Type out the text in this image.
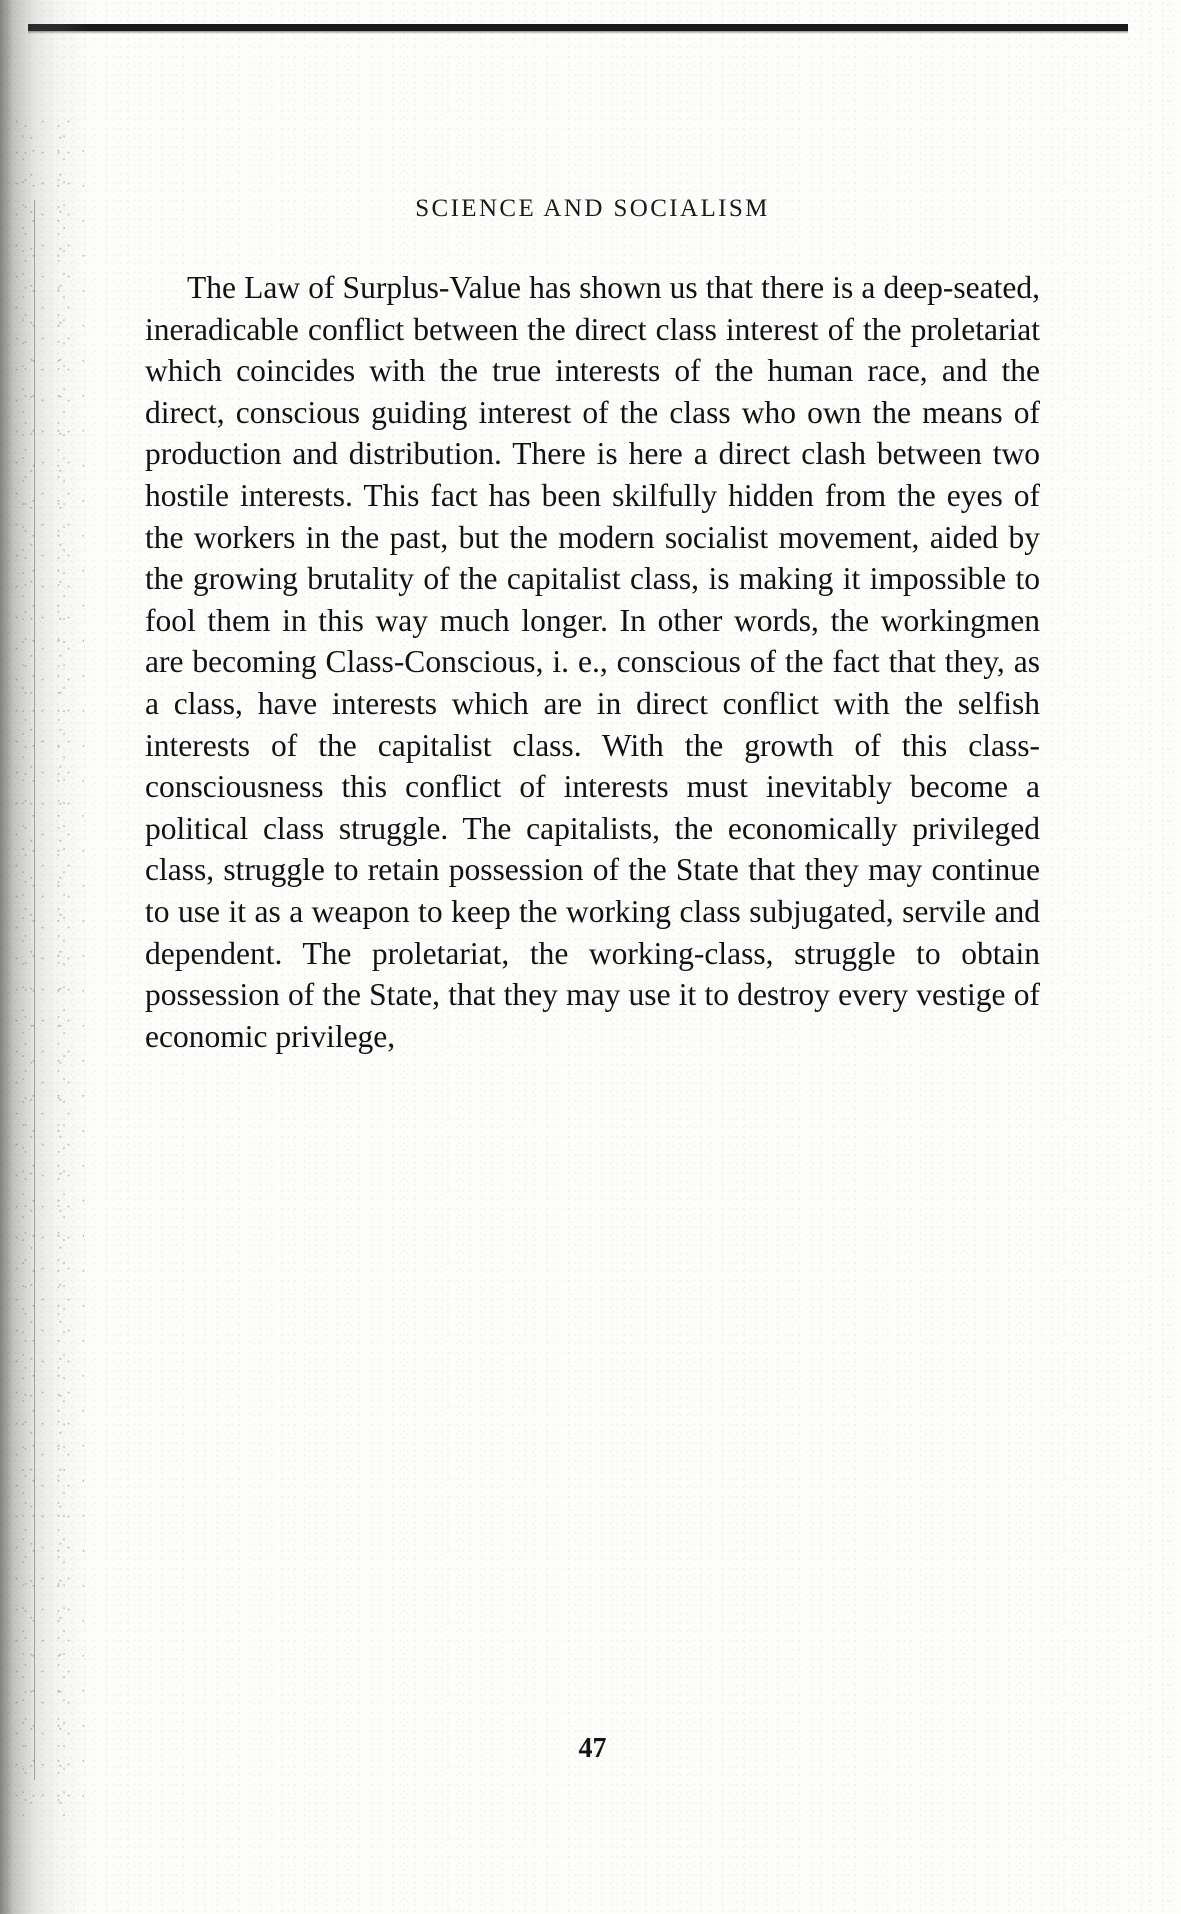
SCIENCE AND SOCIALISM

The Law of Surplus-Value has shown us that there is a deep-seated, ineradicable conflict between the direct class interest of the proletariat which coincides with the true interests of the human race, and the direct, conscious guiding interest of the class who own the means of production and distribution. There is here a direct clash between two hostile interests. This fact has been skilfully hidden from the eyes of the workers in the past, but the modern socialist movement, aided by the growing brutality of the capitalist class, is making it impossible to fool them in this way much longer. In other words, the workingmen are becoming Class-Conscious, i. e., conscious of the fact that they, as a class, have interests which are in direct conflict with the selfish interests of the capitalist class. With the growth of this class-consciousness this conflict of interests must inevitably become a political class struggle. The capitalists, the economically privileged class, struggle to retain possession of the State that they may continue to use it as a weapon to keep the working class subjugated, servile and dependent. The proletariat, the working-class, struggle to obtain possession of the State, that they may use it to destroy every vestige of economic privilege,

47
